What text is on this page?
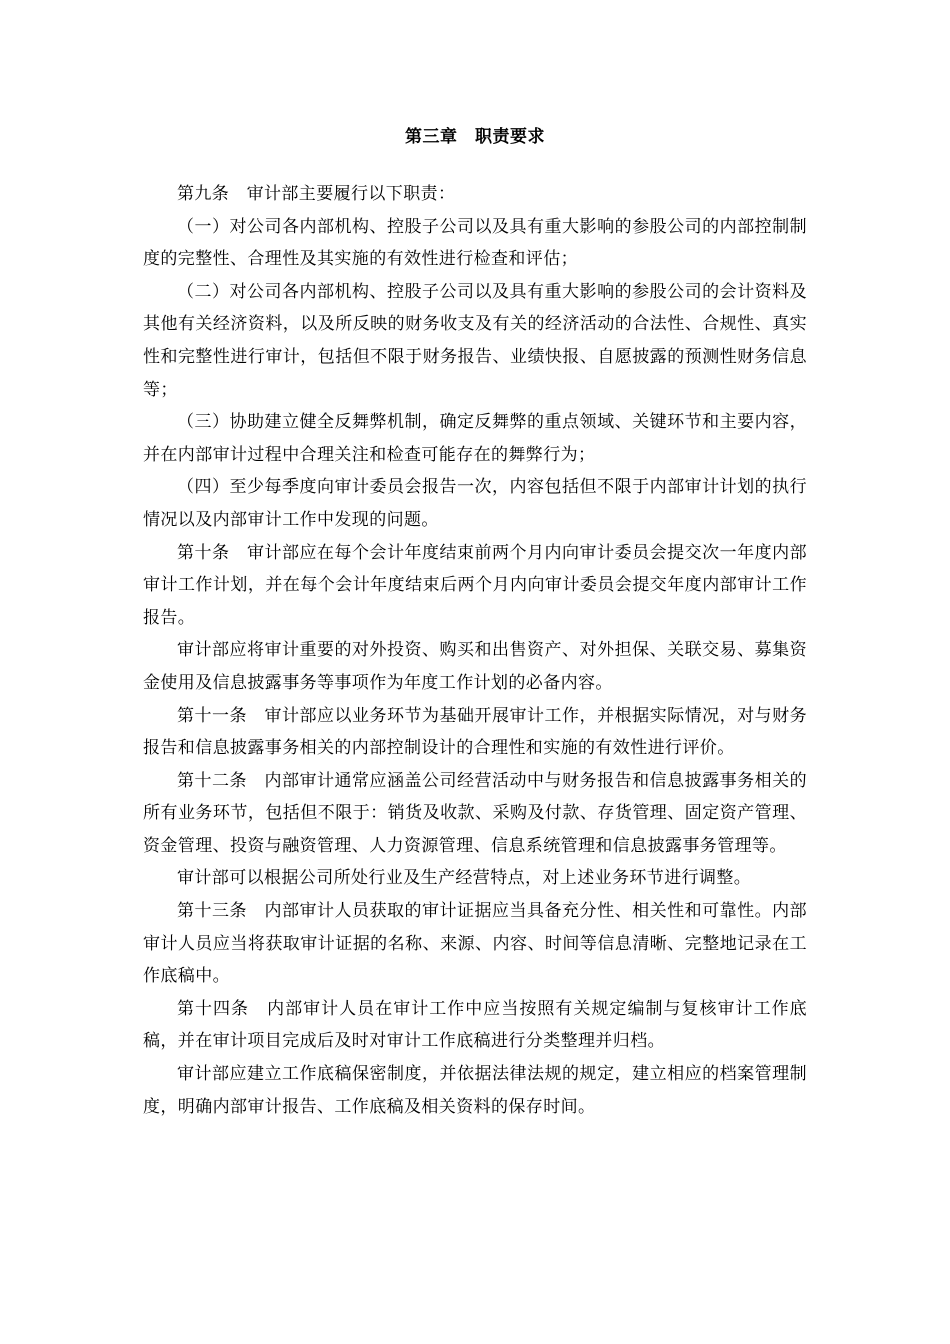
第三章　职责要求

第九条　审计部主要履行以下职责：

（一）对公司各内部机构、控股子公司以及具有重大影响的参股公司的内部控制制度的完整性、合理性及其实施的有效性进行检查和评估；

（二）对公司各内部机构、控股子公司以及具有重大影响的参股公司的会计资料及其他有关经济资料，以及所反映的财务收支及有关的经济活动的合法性、合规性、真实性和完整性进行审计，包括但不限于财务报告、业绩快报、自愿披露的预测性财务信息等；

（三）协助建立健全反舞弊机制，确定反舞弊的重点领域、关键环节和主要内容，并在内部审计过程中合理关注和检查可能存在的舞弊行为；

（四）至少每季度向审计委员会报告一次，内容包括但不限于内部审计计划的执行情况以及内部审计工作中发现的问题。

第十条　审计部应在每个会计年度结束前两个月内向审计委员会提交次一年度内部审计工作计划，并在每个会计年度结束后两个月内向审计委员会提交年度内部审计工作报告。

审计部应将审计重要的对外投资、购买和出售资产、对外担保、关联交易、募集资金使用及信息披露事务等事项作为年度工作计划的必备内容。

第十一条　审计部应以业务环节为基础开展审计工作，并根据实际情况，对与财务报告和信息披露事务相关的内部控制设计的合理性和实施的有效性进行评价。

第十二条　内部审计通常应涵盖公司经营活动中与财务报告和信息披露事务相关的所有业务环节，包括但不限于：销货及收款、采购及付款、存货管理、固定资产管理、资金管理、投资与融资管理、人力资源管理、信息系统管理和信息披露事务管理等。

审计部可以根据公司所处行业及生产经营特点，对上述业务环节进行调整。

第十三条　内部审计人员获取的审计证据应当具备充分性、相关性和可靠性。内部审计人员应当将获取审计证据的名称、来源、内容、时间等信息清晰、完整地记录在工作底稿中。

第十四条　内部审计人员在审计工作中应当按照有关规定编制与复核审计工作底稿，并在审计项目完成后及时对审计工作底稿进行分类整理并归档。

审计部应建立工作底稿保密制度，并依据法律法规的规定，建立相应的档案管理制度，明确内部审计报告、工作底稿及相关资料的保存时间。
